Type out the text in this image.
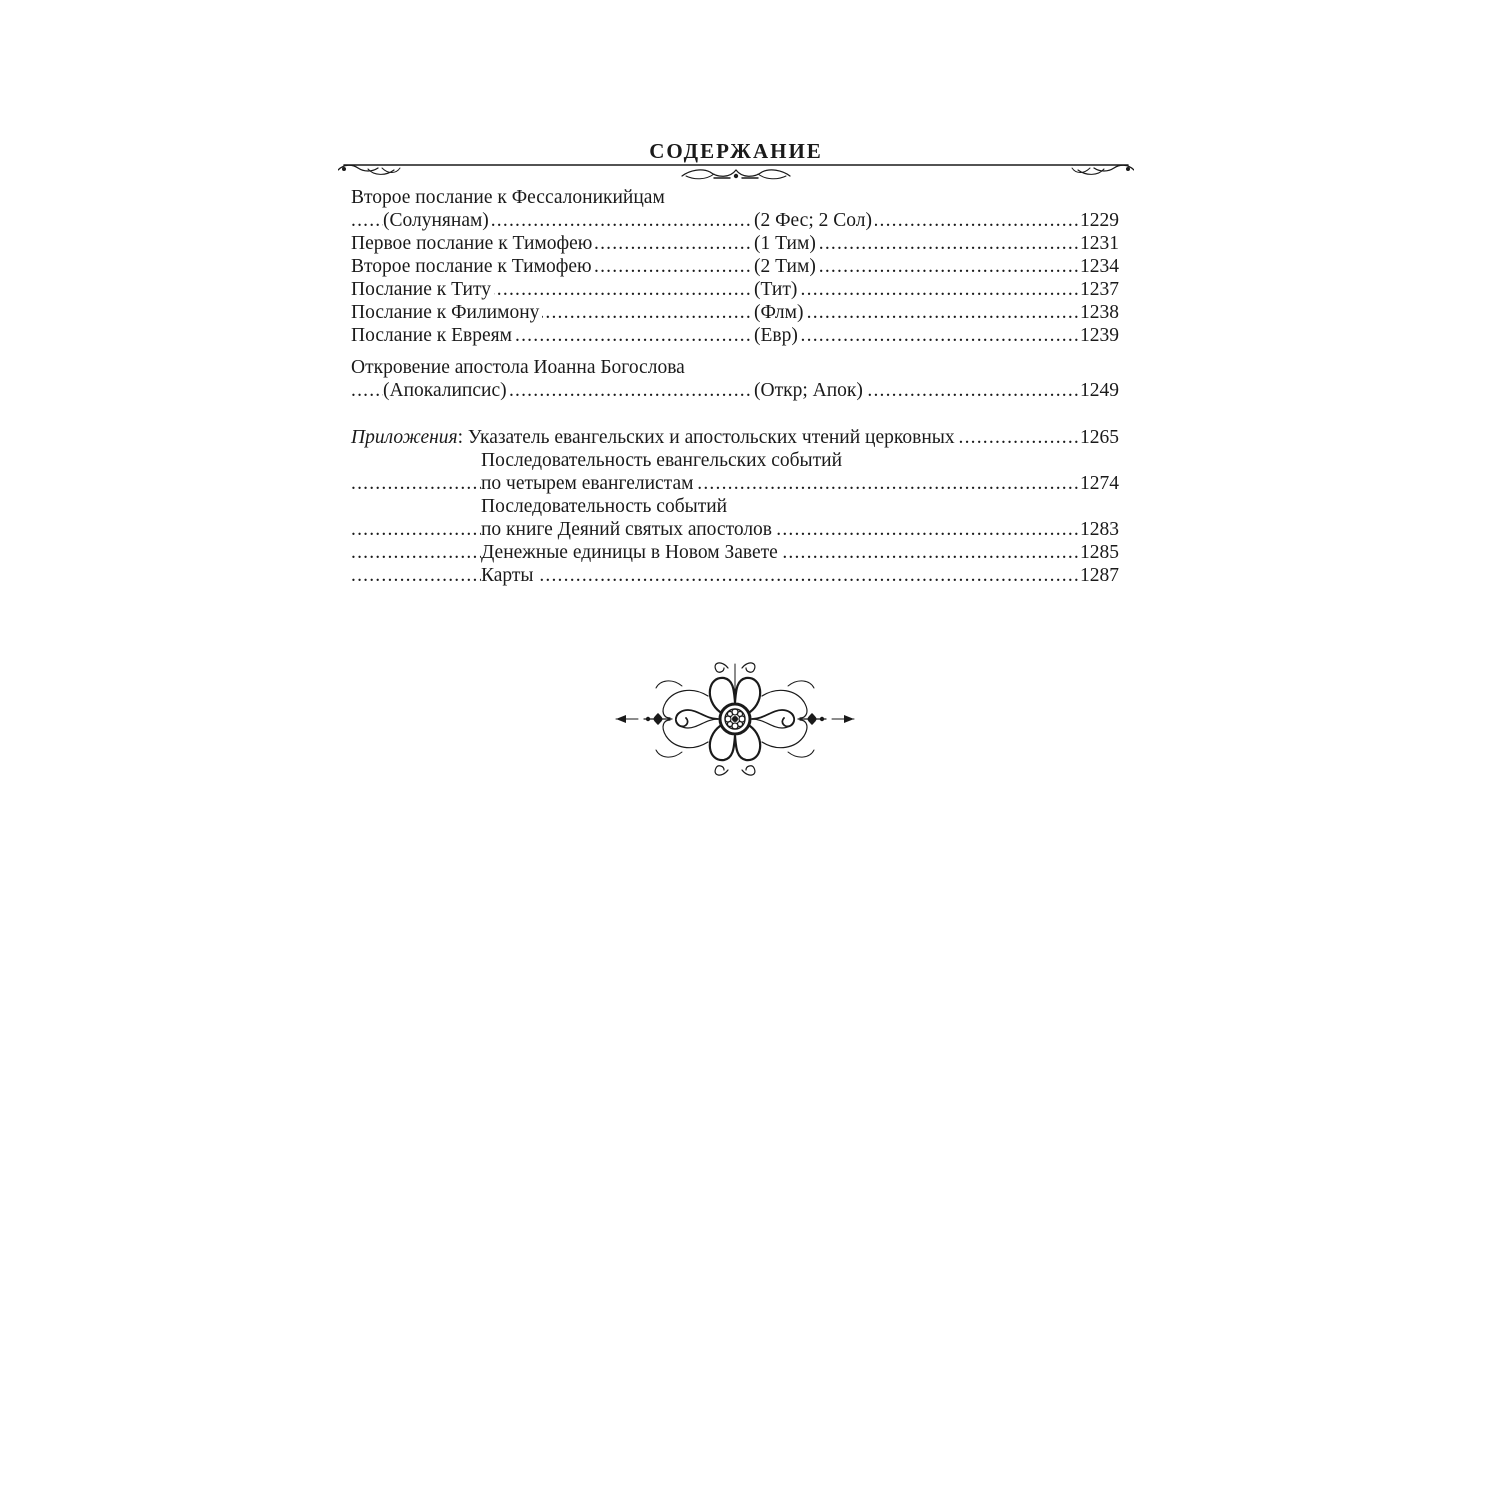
СОДЕРЖАНИЕ
Второе послание к Фессалоникийцам
.....
(Солунянам)	(2 Фес; 2 Сол)	1229
.....
Первое послание к Тимофею	(1 Тим)	1231
.....
Второе послание к Тимофею	(2 Тим)	1234
.....
Послание к Титу	(Тит)	1237
.....
Послание к Филимону	(Флм)	1238
.....
Послание к Евреям	(Евр)	1239
Откровение апостола Иоанна Богослова
.....
(Апокалипсис)	(Откр; Апок)	1249
.....
Приложения: Указатель евангельских и апостольских чтений церковных	1265
Последовательность евангельских событий
.....
по четырем евангелистам	1274
Последовательность событий
.....
по книге Деяний святых апостолов	1283
.....
Денежные единицы в Новом Завете	1285
.....
Карты	1287
